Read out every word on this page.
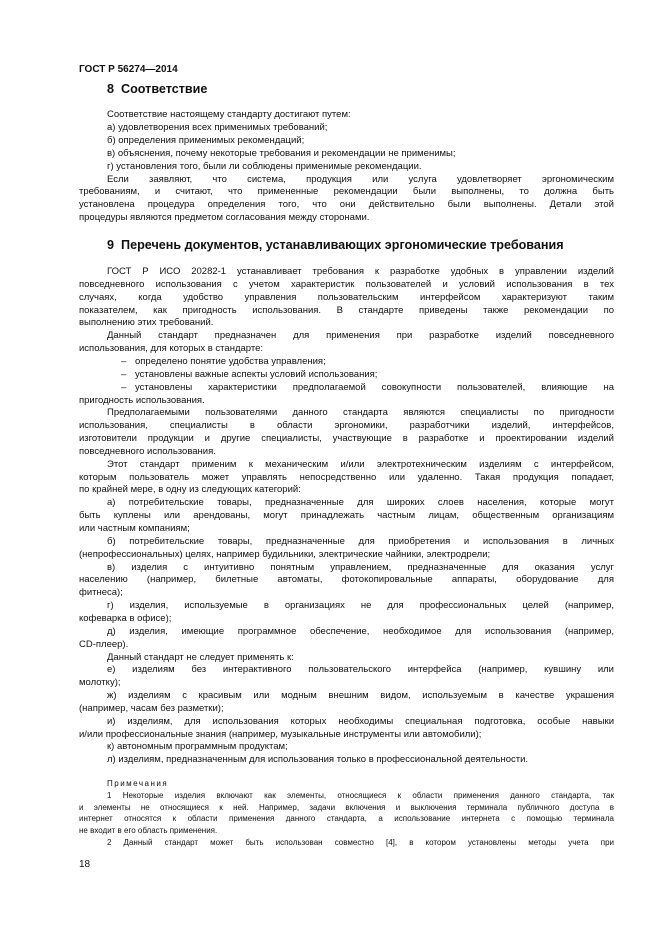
ГОСТ Р 56274—2014
8 Соответствие
Соответствие настоящему стандарту достигают путем:
а) удовлетворения всех применимых требований;
б) определения применимых рекомендаций;
в) объяснения, почему некоторые требования и рекомендации не применимы;
г) установления того, были ли соблюдены применимые рекомендации.
Если заявляют, что система, продукция или услуга удовлетворяет эргономическим
требованиям, и считают, что примененные рекомендации были выполнены, то должна быть
установлена процедура определения того, что они действительно были выполнены. Детали этой
процедуры являются предметом согласования между сторонами.
9 Перечень документов, устанавливающих эргономические требования
ГОСТ Р ИСО 20282-1 устанавливает требования к разработке удобных в управлении изделий
повседневного использования с учетом характеристик пользователей и условий использования в тех
случаях, когда удобство управления пользовательским интерфейсом характеризуют таким
показателем, как пригодность использования. В стандарте приведены также рекомендации по
выполнению этих требований.
Данный стандарт предназначен для применения при разработке изделий повседневного
использования, для которых в стандарте:
определено понятие удобства управления;
–
установлены важные аспекты условий использования;
–
установлены характеристики предполагаемой совокупности пользователей, влияющие на
–
пригодность использования.
Предполагаемыми пользователями данного стандарта являются специалисты по пригодности
использования, специалисты в области эргономики, разработчики изделий, интерфейсов,
изготовители продукции и другие специалисты, участвующие в разработке и проектировании изделий
повседневного использования.
Этот стандарт применим к механическим и/или электротехническим изделиям с интерфейсом,
которым пользователь может управлять непосредственно или удаленно. Такая продукция попадает,
по крайней мере, в одну из следующих категорий:
а) потребительские товары, предназначенные для широких слоев населения, которые могут
быть куплены или арендованы, могут принадлежать частным лицам, общественным организациям
или частным компаниям;
б) потребительские товары, предназначенные для приобретения и использования в личных
(непрофессиональных) целях, например будильники, электрические чайники, электродрели;
в) изделия с интуитивно понятным управлением, предназначенные для оказания услуг
населению (например, билетные автоматы, фотокопировальные аппараты, оборудование для
фитнеса);
г) изделия, используемые в организациях не для профессиональных целей (например,
кофеварка в офисе);
д) изделия, имеющие программное обеспечение, необходимое для использования (например,
CD-плеер).
Данный стандарт не следует применять к:
е) изделиям без интерактивного пользовательского интерфейса (например, кувшину или
молотку);
ж) изделиям с красивым или модным внешним видом, используемым в качестве украшения
(например, часам без разметки);
и) изделиям, для использования которых необходимы специальная подготовка, особые навыки
и/или профессиональные знания (например, музыкальные инструменты или автомобили);
к) автономным программным продуктам;
л) изделиям, предназначенным для использования только в профессиональной деятельности.
Примечания
1 Некоторые изделия включают как элементы, относящиеся к области применения данного стандарта, так
и элементы не относящиеся к ней. Например, задачи включения и выключения терминала публичного доступа в
интернет относятся к области применения данного стандарта, а использование интернета с помощью терминала
не входит в его область применения.
2 Данный стандарт может быть использован совместно [4], в котором установлены методы учета при
18
